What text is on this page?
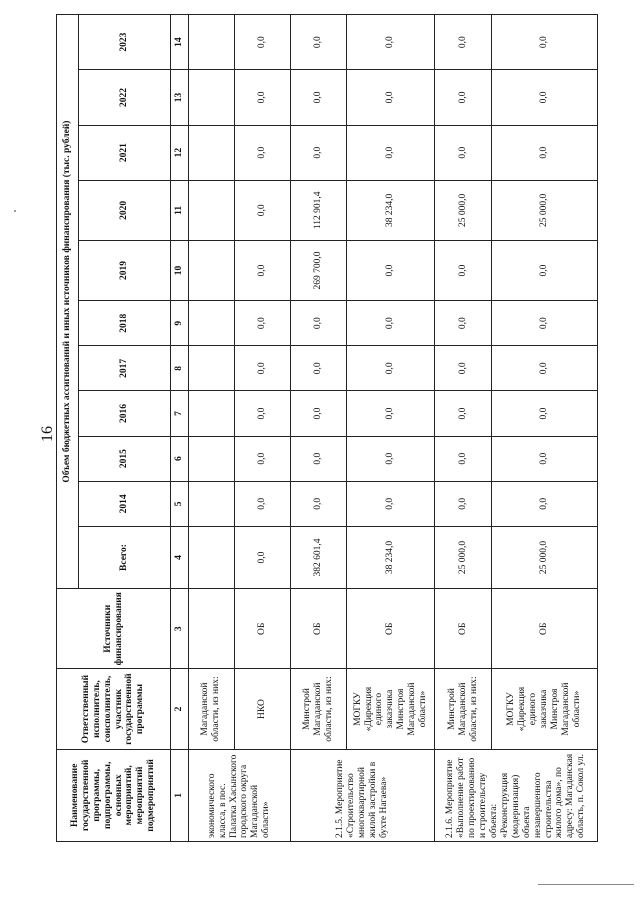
16
Наименование государственной программы, подпрограммы, основных мероприятий, мероприятий подмероприятий	Ответственный исполнитель, соисполнитель, участник государственной программы	Источники финансирования	Объем бюджетных ассигнований и иных источников финансирования (тыс. рублей)										
			Всего:	2014	2015	2016	2017	2018	2019	2020	2021	2022	2023
1	2	3	4	5	6	7	8	9	10	11	12	13	14
экономического класса, в пос. Палатка Хасынского городского округа Магаданской области»	Магаданской области, из них:												
	НКО	ОБ	0,0	0,0	0,0	0,0	0,0	0,0	0,0	0,0	0,0	0,0	0,0
2.1.5. Мероприятие «Строительство многоквартирной жилой застройки в бухте Нагаева»	Минстрой Магаданской области, из них:	ОБ	382 601,4	0,0	0,0	0,0	0,0	0,0	269 700,0	112 901,4	0,0	0,0	0,0
	МОГКУ «Дирекция единого заказчика Минстроя Магаданской области»	ОБ	38 234,0	0,0	0,0	0,0	0,0	0,0	0,0	38 234,0	0,0	0,0	0,0
2.1.6. Мероприятие «Выполнение работ по проектированию и строительству объекта: «Реконструкция (модернизация) объекта незавершенного строительства жилого дома», по адресу: Магаданская область, п. Сокол ул.	Минстрой Магаданской области, из них:	ОБ	25 000,0	0,0	0,0	0,0	0,0	0,0	0,0	25 000,0	0,0	0,0	0,0
	МОГКУ «Дирекция единого заказчика Минстроя Магаданской области»	ОБ	25 000,0	0,0	0,0	0,0	0,0	0,0	0,0	25 000,0	0,0	0,0	0,0
